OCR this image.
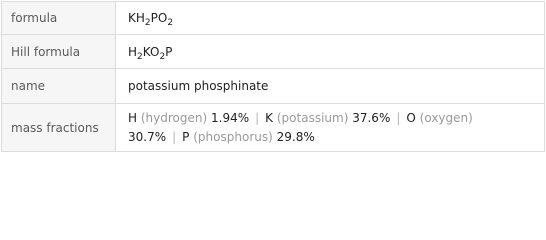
formula	$KH_2PO_2$
Hill formula	$H_2KO_2P$
name	potassium phosphinate
mass fractions	H (hydrogen) 1.94% | K (potassium) 37.6% | O (oxygen)
30.7% | P (phosphorus) 29.8%
